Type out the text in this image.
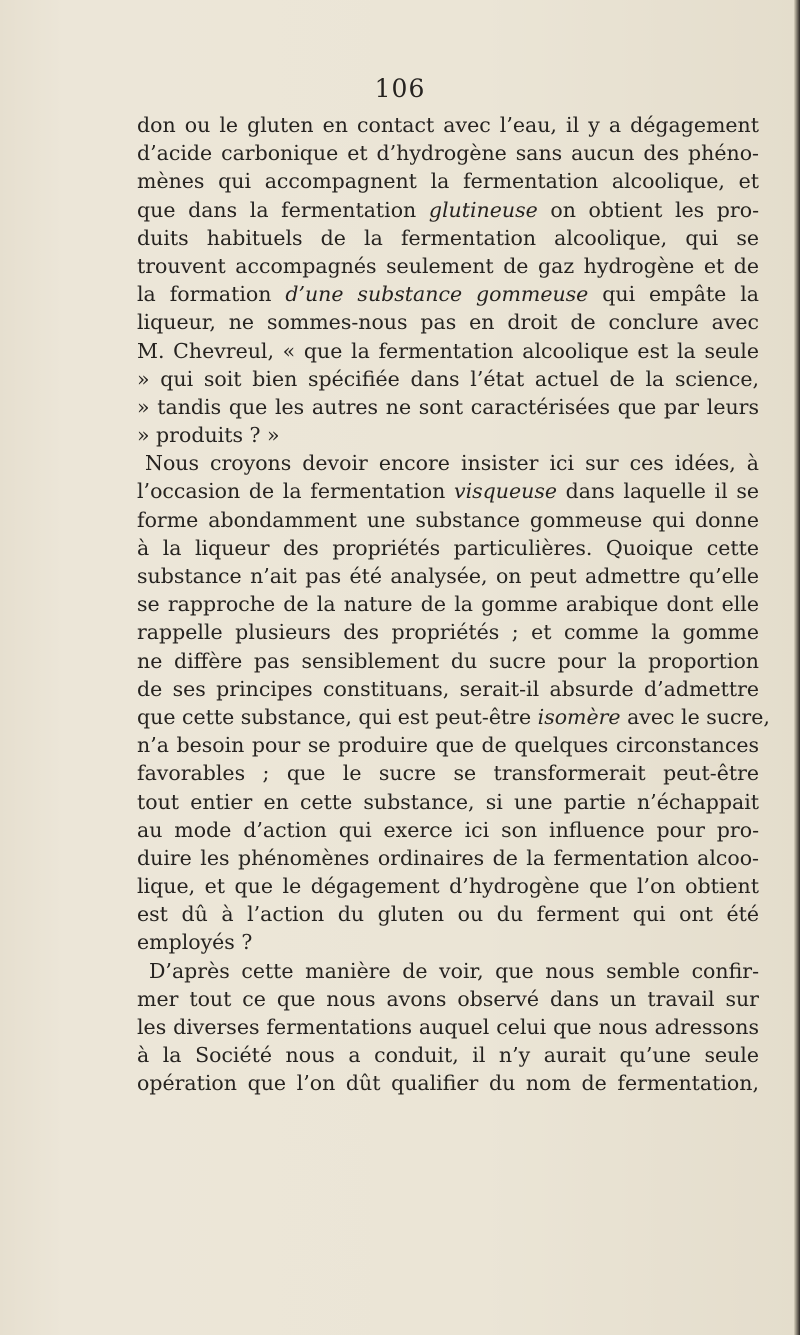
106
don ou le gluten en contact avec l’eau, il y a dégagement
d’acide carbonique et d’hydrogène sans aucun des phéno-
mènes qui accompagnent la fermentation alcoolique, et
que dans la fermentation glutineuse on obtient les pro-
duits habituels de la fermentation alcoolique, qui se
trouvent accompagnés seulement de gaz hydrogène et de
la formation d’une substance gommeuse qui empâte la
liqueur, ne sommes-nous pas en droit de conclure avec
M. Chevreul, « que la fermentation alcoolique est la seule
» qui soit bien spécifiée dans l’état actuel de la science,
» tandis que les autres ne sont caractérisées que par leurs
» produits ? »
Nous croyons devoir encore insister ici sur ces idées, à
l’occasion de la fermentation visqueuse dans laquelle il se
forme abondamment une substance gommeuse qui donne
à la liqueur des propriétés particulières. Quoique cette
substance n’ait pas été analysée, on peut admettre qu’elle
se rapproche de la nature de la gomme arabique dont elle
rappelle plusieurs des propriétés ; et comme la gomme
ne diffère pas sensiblement du sucre pour la proportion
de ses principes constituans, serait-il absurde d’admettre
que cette substance, qui est peut-être isomère avec le sucre,
n’a besoin pour se produire que de quelques circonstances
favorables ; que le sucre se transformerait peut-être
tout entier en cette substance, si une partie n’échappait
au mode d’action qui exerce ici son influence pour pro-
duire les phénomènes ordinaires de la fermentation alcoo-
lique, et que le dégagement d’hydrogène que l’on obtient
est dû à l’action du gluten ou du ferment qui ont été
employés ?
D’après cette manière de voir, que nous semble confir-
mer tout ce que nous avons observé dans un travail sur
les diverses fermentations auquel celui que nous adressons
à la Société nous a conduit, il n’y aurait qu’une seule
opération que l’on dût qualifier du nom de fermentation,
